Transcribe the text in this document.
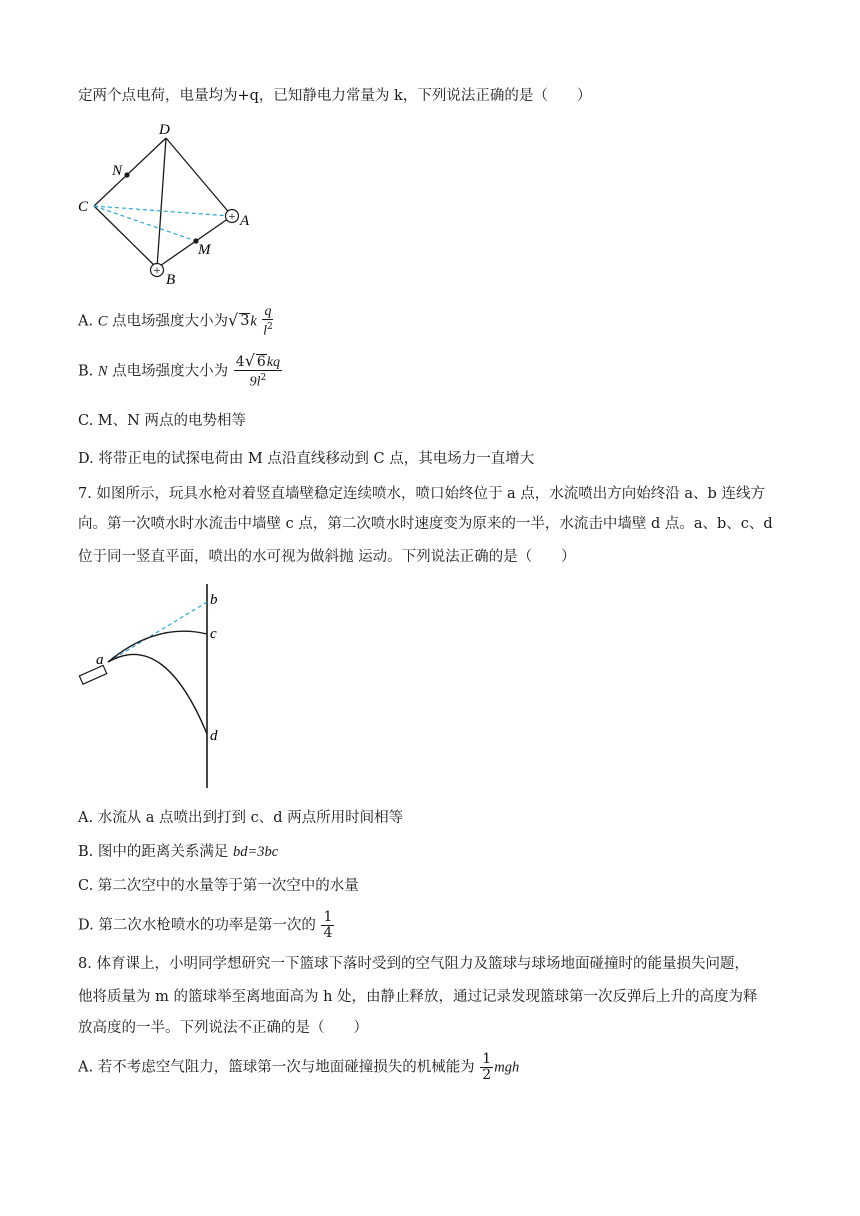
定两个点电荷，电量均为+q，已知静电力常量为 k，下列说法正确的是（　　）
+
+
D
N
C
A
M
B
A. C 点电场强度大小为√ $3k \frac{q}{l^2}$
B. N 点电场强度大小为 $\frac{4√ 6kq}{9l^2}$
C. M、N 两点的电势相等
D. 将带正电的试探电荷由 M 点沿直线移动到 C 点，其电场力一直增大
7. 如图所示，玩具水枪对着竖直墙壁稳定连续喷水，喷口始终位于 a 点，水流喷出方向始终沿 a、b 连线方
向。第一次喷水时水流击中墙壁 c 点，第二次喷水时速度变为原来的一半，水流击中墙壁 d 点。a、b、c、d
位于同一竖直平面，喷出的水可视为做斜抛 运动。下列说法正确的是（　　）
a
b
c
d
A. 水流从 a 点喷出到打到 c、d 两点所用时间相等
B. 图中的距离关系满足 bd=3bc
C. 第二次空中的水量等于第一次空中的水量
D. 第二次水枪喷水的功率是第一次的 $\frac{1}{4}$
8. 体育课上，小明同学想研究一下篮球下落时受到的空气阻力及篮球与球场地面碰撞时的能量损失问题，
他将质量为 m 的篮球举至离地面高为 h 处，由静止释放，通过记录发现篮球第一次反弹后上升的高度为释
放高度的一半。下列说法不正确的是（　　）
A. 若不考虑空气阻力，篮球第一次与地面碰撞损失的机械能为 $\frac{1}{2}$ mgh
